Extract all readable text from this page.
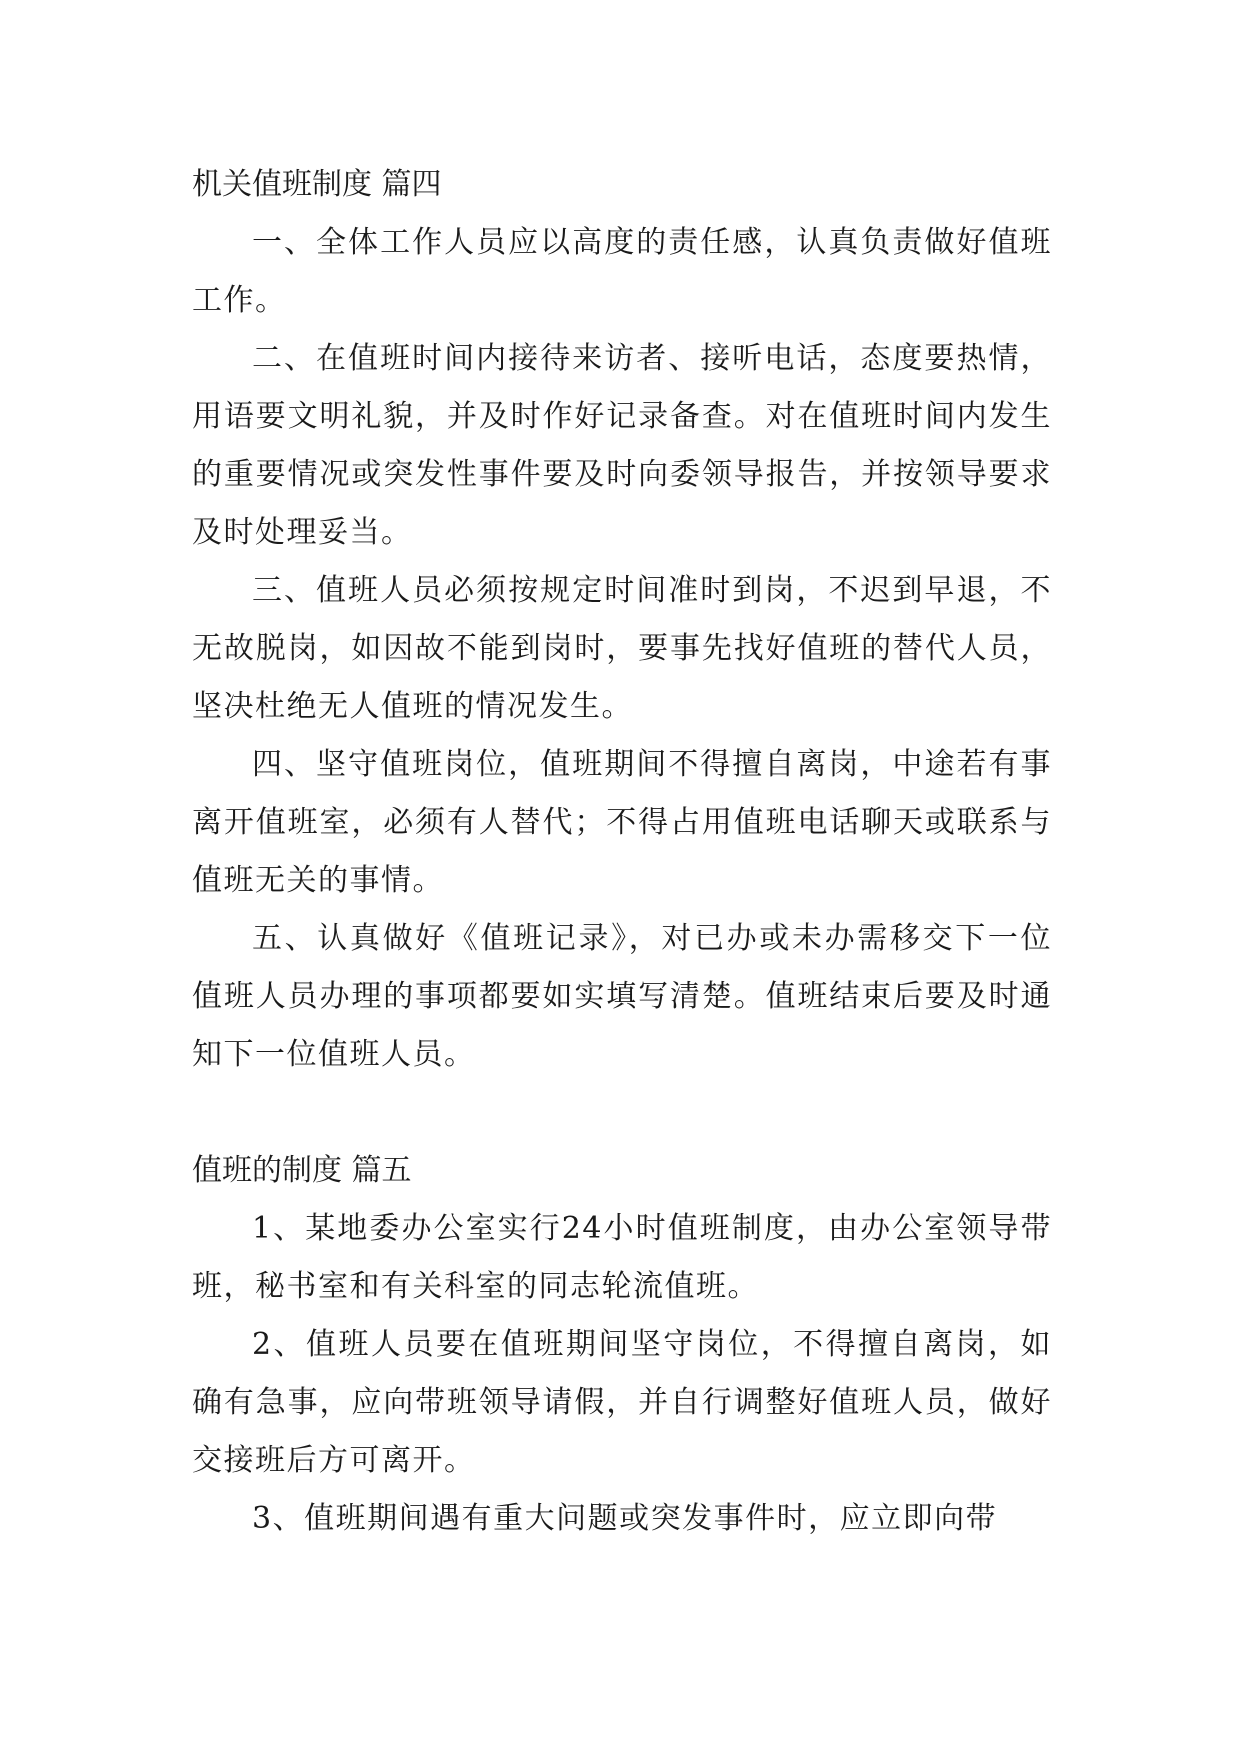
机关值班制度 篇四

一、全体工作人员应以高度的责任感，认真负责做好值班工作。

二、在值班时间内接待来访者、接听电话，态度要热情，用语要文明礼貌，并及时作好记录备查。对在值班时间内发生的重要情况或突发性事件要及时向委领导报告，并按领导要求及时处理妥当。

三、值班人员必须按规定时间准时到岗，不迟到早退，不无故脱岗，如因故不能到岗时，要事先找好值班的替代人员，坚决杜绝无人值班的情况发生。

四、坚守值班岗位，值班期间不得擅自离岗，中途若有事离开值班室，必须有人替代；不得占用值班电话聊天或联系与值班无关的事情。

五、认真做好《值班记录》，对已办或未办需移交下一位值班人员办理的事项都要如实填写清楚。值班结束后要及时通知下一位值班人员。

值班的制度 篇五

1、某地委办公室实行24小时值班制度，由办公室领导带班，秘书室和有关科室的同志轮流值班。

2、值班人员要在值班期间坚守岗位，不得擅自离岗，如确有急事，应向带班领导请假，并自行调整好值班人员，做好交接班后方可离开。

3、值班期间遇有重大问题或突发事件时，应立即向带
